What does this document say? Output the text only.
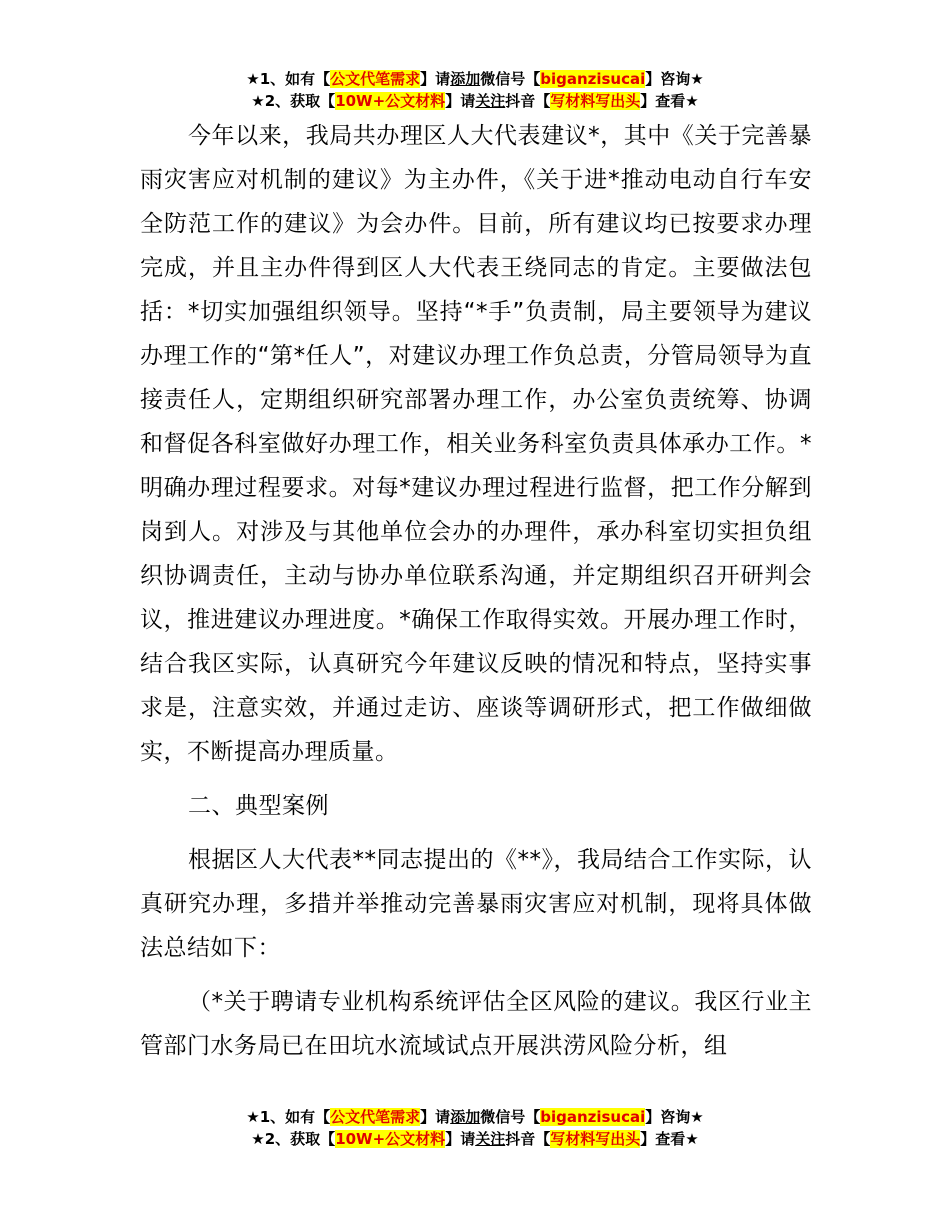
★1、如有【公文代笔需求】请添加微信号【biganzisucai】咨询★
★2、获取【10W+公文材料】请关注抖音【写材料写出头】查看★

今年以来，我局共办理区人大代表建议*，其中《关于完善暴雨灾害应对机制的建议》为主办件，《关于进*推动电动自行车安全防范工作的建议》为会办件。目前，所有建议均已按要求办理完成，并且主办件得到区人大代表王绕同志的肯定。主要做法包括：*切实加强组织领导。坚持“*手”负责制，局主要领导为建议办理工作的“第*任人”，对建议办理工作负总责，分管局领导为直接责任人，定期组织研究部署办理工作，办公室负责统筹、协调和督促各科室做好办理工作，相关业务科室负责具体承办工作。*明确办理过程要求。对每*建议办理过程进行监督，把工作分解到岗到人。对涉及与其他单位会办的办理件，承办科室切实担负组织协调责任，主动与协办单位联系沟通，并定期组织召开研判会议，推进建议办理进度。*确保工作取得实效。开展办理工作时，结合我区实际，认真研究今年建议反映的情况和特点，坚持实事求是，注意实效，并通过走访、座谈等调研形式，把工作做细做实，不断提高办理质量。

二、典型案例

根据区人大代表**同志提出的《**》，我局结合工作实际，认真研究办理，多措并举推动完善暴雨灾害应对机制，现将具体做法总结如下：

（*关于聘请专业机构系统评估全区风险的建议。我区行业主管部门水务局已在田坑水流域试点开展洪涝风险分析，组

★1、如有【公文代笔需求】请添加微信号【biganzisucai】咨询★
★2、获取【10W+公文材料】请关注抖音【写材料写出头】查看★
